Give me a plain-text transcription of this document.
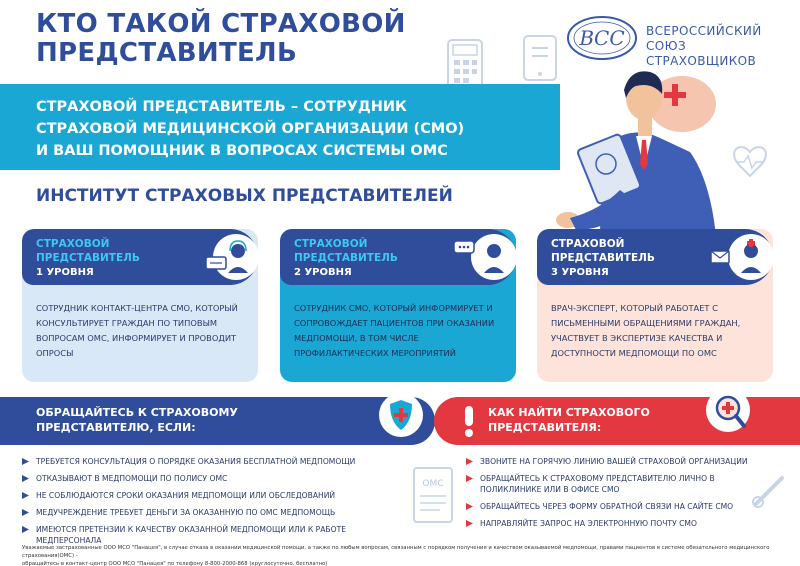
КТО ТАКОЙ СТРАХОВОЙ
ПРЕДСТАВИТЕЛЬ	ВСС ВСЕРОССИЙСКИЙ
СОЮЗ СТРАХОВЩИКОВ
СТРАХОВОЙ ПРЕДСТАВИТЕЛЬ – СОТРУДНИК
СТРАХОВОЙ МЕДИЦИНСКОЙ ОРГАНИЗАЦИИ (СМО)
И ВАШ ПОМОЩНИК В ВОПРОСАХ СИСТЕМЫ ОМС
ИНСТИТУТ СТРАХОВЫХ ПРЕДСТАВИТЕЛЕЙ
СТРАХОВОЙ
ПРЕДСТАВИТЕЛЬ
1 УРОВНЯ
СОТРУДНИК КОНТАКТ-ЦЕНТРА СМО, КОТОРЫЙ КОНСУЛЬТИРУЕТ ГРАЖДАН ПО ТИПОВЫМ ВОПРОСАМ ОМС, ИНФОРМИРУЕТ И ПРОВОДИТ ОПРОСЫ
СТРАХОВОЙ
ПРЕДСТАВИТЕЛЬ
2 УРОВНЯ
СОТРУДНИК СМО, КОТОРЫЙ ИНФОРМИРУЕТ И СОПРОВОЖДАЕТ ПАЦИЕНТОВ ПРИ ОКАЗАНИИ МЕДПОМОЩИ, В ТОМ ЧИСЛЕ ПРОФИЛАКТИЧЕСКИХ МЕРОПРИЯТИЙ
СТРАХОВОЙ
ПРЕДСТАВИТЕЛЬ
3 УРОВНЯ
ВРАЧ-ЭКСПЕРТ, КОТОРЫЙ РАБОТАЕТ С ПИСЬМЕННЫМИ ОБРАЩЕНИЯМИ ГРАЖДАН, УЧАСТВУЕТ В ЭКСПЕРТИЗЕ КАЧЕСТВА И ДОСТУПНОСТИ МЕДПОМОЩИ ПО ОМС
ОБРАЩАЙТЕСЬ К СТРАХОВОМУ
ПРЕДСТАВИТЕЛЮ, ЕСЛИ:
КАК НАЙТИ СТРАХОВОГО
ПРЕДСТАВИТЕЛЯ:
ТРЕБУЕТСЯ КОНСУЛЬТАЦИЯ О ПОРЯДКЕ ОКАЗАНИЯ БЕСПЛАТНОЙ МЕДПОМОЩИ
ОТКАЗЫВАЮТ В МЕДПОМОЩИ ПО ПОЛИСУ ОМС
НЕ СОБЛЮДАЮТСЯ СРОКИ ОКАЗАНИЯ МЕДПОМОЩИ ИЛИ ОБСЛЕДОВАНИЙ
МЕДУЧРЕЖДЕНИЕ ТРЕБУЕТ ДЕНЬГИ ЗА ОКАЗАННУЮ ПО ОМС МЕДПОМОЩЬ
ИМЕЮТСЯ ПРЕТЕНЗИИ К КАЧЕСТВУ ОКАЗАННОЙ МЕДПОМОЩИ ИЛИ К РАБОТЕ МЕДПЕРСОНАЛА
ОМС
ЗВОНИТЕ НА ГОРЯЧУЮ ЛИНИЮ ВАШЕЙ СТРАХОВОЙ ОРГАНИЗАЦИИ
ОБРАЩАЙТЕСЬ К СТРАХОВОМУ ПРЕДСТАВИТЕЛЮ ЛИЧНО В ПОЛИКЛИНИКЕ ИЛИ В ОФИСЕ СМО
ОБРАЩАЙТЕСЬ ЧЕРЕЗ ФОРМУ ОБРАТНОЙ СВЯЗИ НА САЙТЕ СМО
НАПРАВЛЯЙТЕ ЗАПРОС НА ЭЛЕКТРОННУЮ ПОЧТУ СМО
Уважаемые застрахованные ООО МСО "Панацея", в случае отказа в оказании медицинской помощи, а также по любым вопросам, связанным с порядком получения и качеством оказываемой медпомощи, правами пациентов в системе обязательного медицинского страхования(ОМС) -
обращайтесь в контакт-центр ООО МСО "Панацея" по телефону 8-800-2000-868 (круглосуточно, бесплатно)
